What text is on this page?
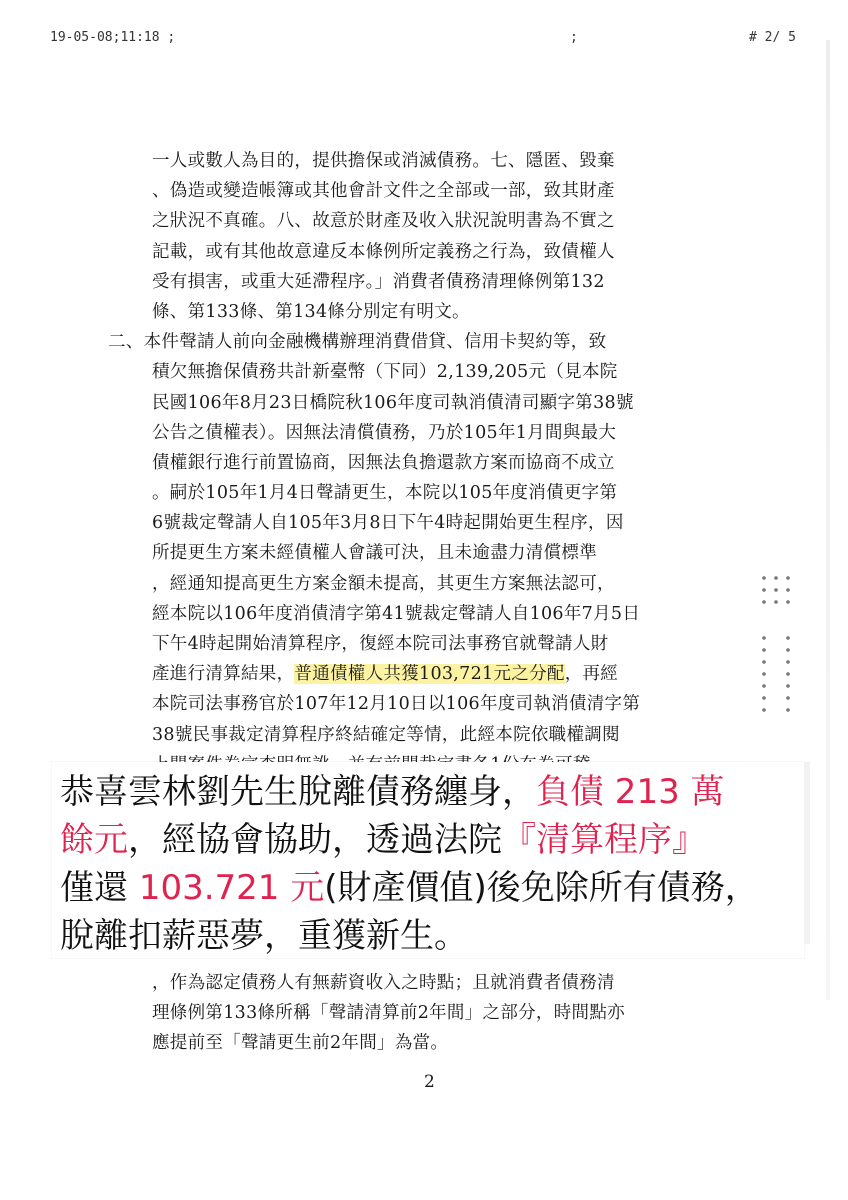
19-05-08;11:18 ;	;	# 2/ 5
一人或數人為目的，提供擔保或消滅債務。七、隱匿、毀棄
、偽造或變造帳簿或其他會計文件之全部或一部，致其財產
之狀況不真確。八、故意於財產及收入狀況說明書為不實之
記載，或有其他故意違反本條例所定義務之行為，致債權人
受有損害，或重大延滯程序。」消費者債務清理條例第132
條、第133條、第134條分別定有明文。
二、本件聲請人前向金融機構辦理消費借貸、信用卡契約等，致
積欠無擔保債務共計新臺幣（下同）2,139,205元（見本院
民國106年8月23日橋院秋106年度司執消債清司顯字第38號
公告之債權表）。因無法清償債務，乃於105年1月間與最大
債權銀行進行前置協商，因無法負擔還款方案而協商不成立
。嗣於105年1月4日聲請更生，本院以105年度消債更字第
6號裁定聲請人自105年3月8日下午4時起開始更生程序，因
所提更生方案未經債權人會議可決，且未逾盡力清償標準
，經通知提高更生方案金額未提高，其更生方案無法認可，
經本院以106年度消債清字第41號裁定聲請人自106年7月5日
下午4時起開始清算程序，復經本院司法事務官就聲請人財
產進行清算結果，普通債權人共獲103,721元之分配，再經
本院司法事務官於107年12月10日以106年度司執消債清字第
38號民事裁定清算程序終結確定等情，此經本院依職權調閱
恭喜雲林劉先生脫離債務纏身，負債 213 萬
餘元，經協會協助，透過法院『清算程序』
僅還 103.721 元(財產價值)後免除所有債務，
脫離扣薪惡夢，重獲新生。
，作為認定債務人有無薪資收入之時點；且就消費者債務清
理條例第133條所稱「聲請清算前2年間」之部分，時間點亦
應提前至「聲請更生前2年間」為當。
2
